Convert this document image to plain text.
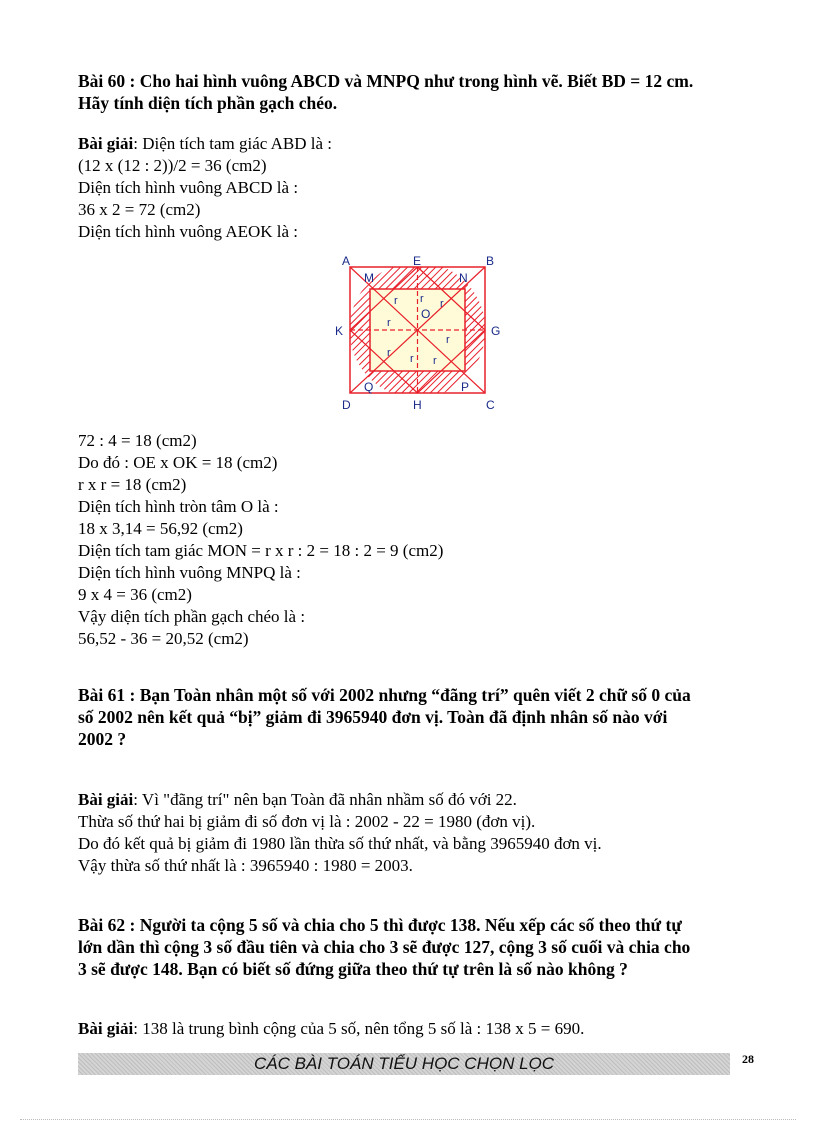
Bài 60 : Cho hai hình vuông ABCD và MNPQ như trong hình vẽ. Biết BD = 12 cm.
Hãy tính diện tích phần gạch chéo.
Bài giải: Diện tích tam giác ABD là :
(12 x (12 : 2))/2 = 36 (cm2)
Diện tích hình vuông ABCD là :
36 x 2 = 72 (cm2)
Diện tích hình vuông AEOK là :
A	E	B
M	N
K
O
G
Q	P
D	H	C
r r r
r
r
r r r
72 : 4 = 18 (cm2)
Do đó : OE x OK = 18 (cm2)
r x r = 18 (cm2)
Diện tích hình tròn tâm O là :
18 x 3,14 = 56,92 (cm2)
Diện tích tam giác MON = r x r : 2 = 18 : 2 = 9 (cm2)
Diện tích hình vuông MNPQ là :
9 x 4 = 36 (cm2)
Vậy diện tích phần gạch chéo là :
56,52 - 36 = 20,52 (cm2)
Bài 61 : Bạn Toàn nhân một số với 2002 nhưng “đãng trí” quên viết 2 chữ số 0 của
số 2002 nên kết quả “bị” giảm đi 3965940 đơn vị. Toàn đã định nhân số nào với
2002 ?
Bài giải: Vì "đãng trí" nên bạn Toàn đã nhân nhầm số đó với 22.
Thừa số thứ hai bị giảm đi số đơn vị là : 2002 - 22 = 1980 (đơn vị).
Do đó kết quả bị giảm đi 1980 lần thừa số thứ nhất, và bằng 3965940 đơn vị.
Vậy thừa số thứ nhất là : 3965940 : 1980 = 2003.
Bài 62 : Người ta cộng 5 số và chia cho 5 thì được 138. Nếu xếp các số theo thứ tự
lớn dần thì cộng 3 số đầu tiên và chia cho 3 sẽ được 127, cộng 3 số cuối và chia cho
3 sẽ được 148. Bạn có biết số đứng giữa theo thứ tự trên là số nào không ?
Bài giải: 138 là trung bình cộng của 5 số, nên tổng 5 số là : 138 x 5 = 690.
CÁC BÀI TOÁN TIỂU HỌC CHỌN LỌC	28
